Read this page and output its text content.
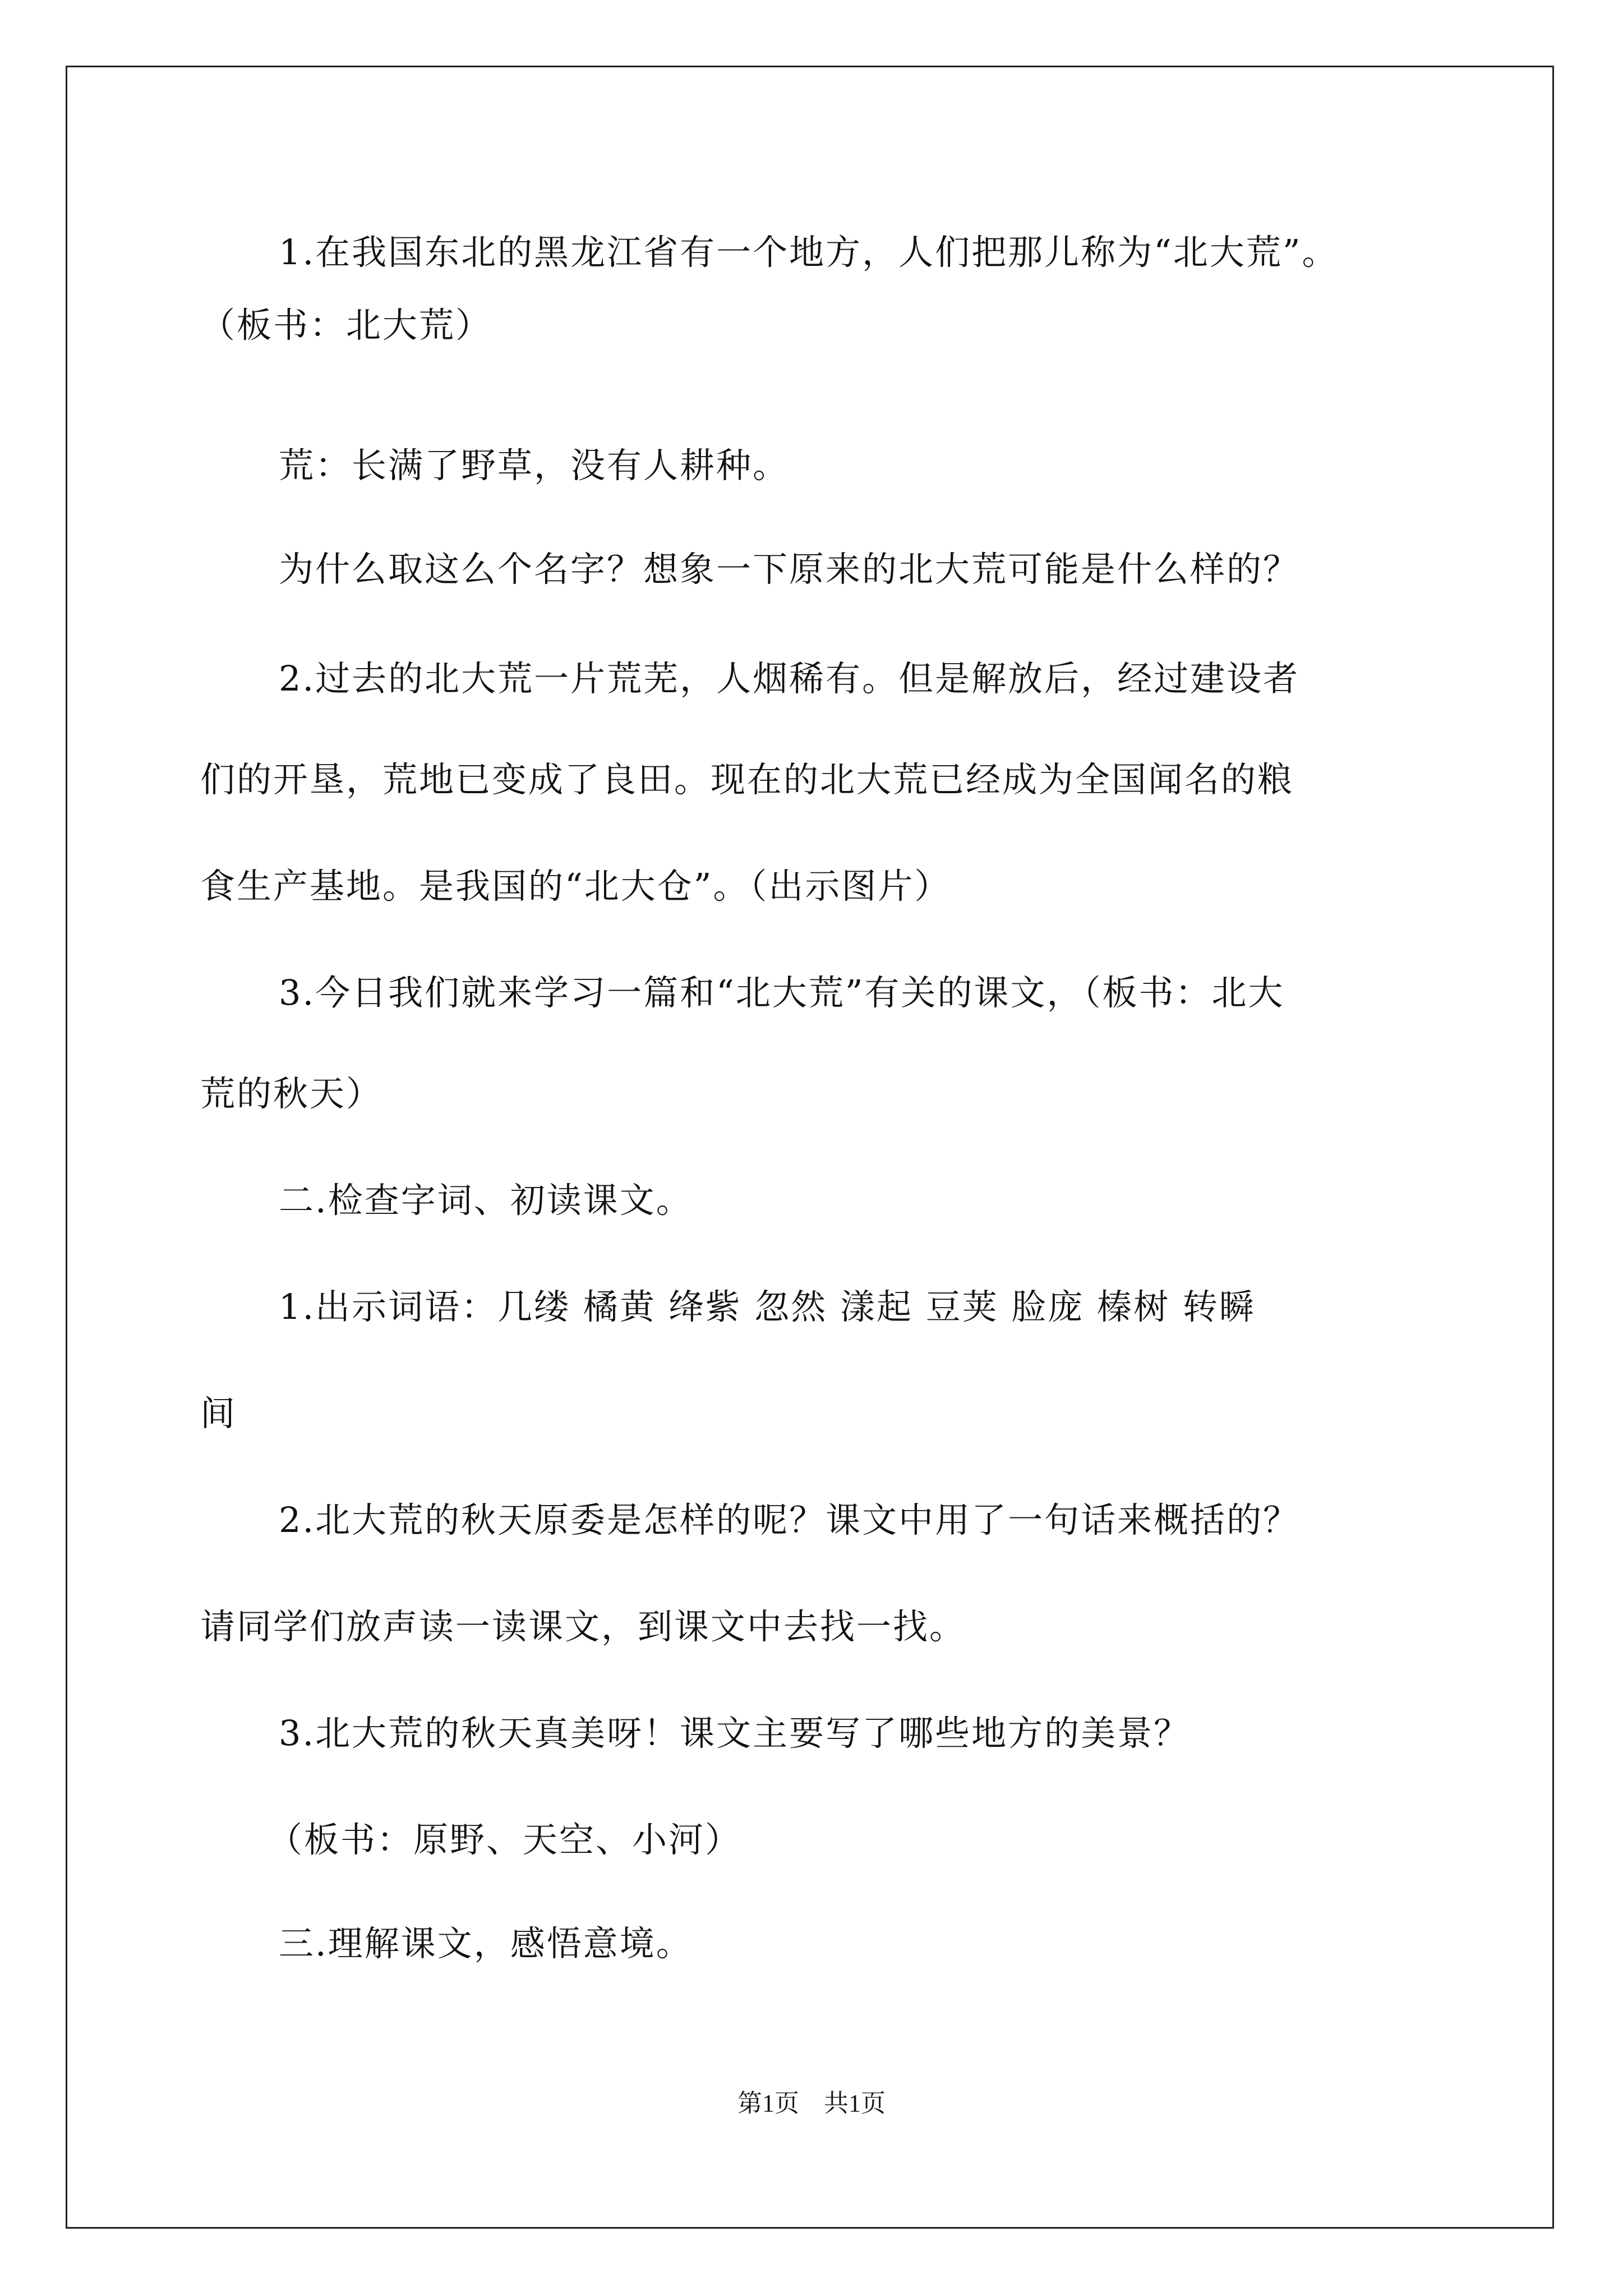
1.在我国东北的黑龙江省有一个地方，人们把那儿称为“北大荒”。
（板书：北大荒）
荒：长满了野草，没有人耕种。
为什么取这么个名字？想象一下原来的北大荒可能是什么样的？
2.过去的北大荒一片荒芜，人烟稀有。但是解放后，经过建设者
们的开垦，荒地已变成了良田。现在的北大荒已经成为全国闻名的粮
食生产基地。是我国的“北大仓”。（出示图片）
3.今日我们就来学习一篇和“北大荒”有关的课文，（板书：北大
荒的秋天）
二.检查字词、初读课文。
1.出示词语：几缕 橘黄 绛紫 忽然 漾起 豆荚 脸庞 榛树 转瞬
间
2.北大荒的秋天原委是怎样的呢？课文中用了一句话来概括的？
请同学们放声读一读课文，到课文中去找一找。
3.北大荒的秋天真美呀！课文主要写了哪些地方的美景？
（板书：原野、天空、小河）
三.理解课文，感悟意境。
第1页　共1页
